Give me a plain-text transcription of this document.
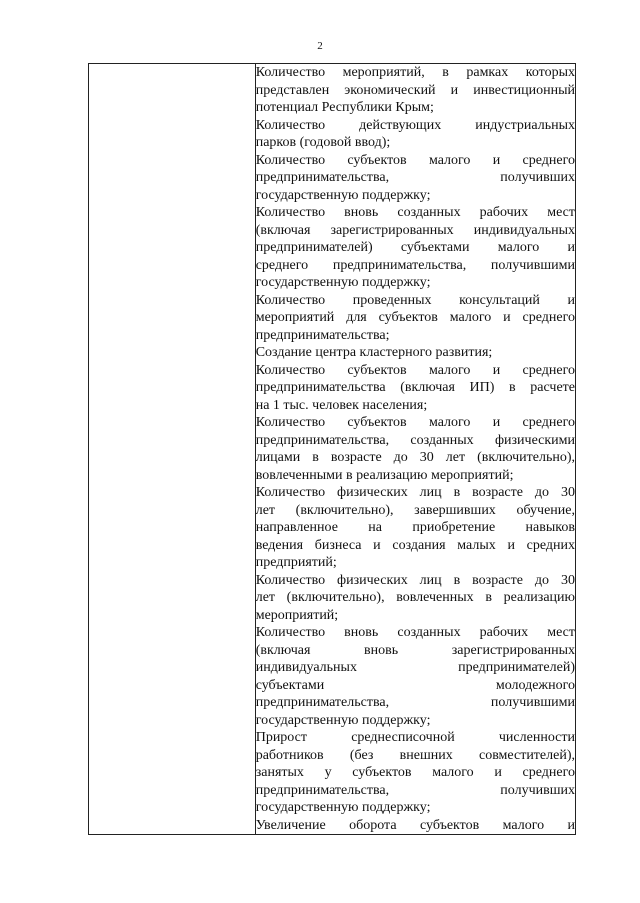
2

Количество мероприятий, в рамках которых
представлен экономический и инвестиционный
потенциал Республики Крым;
Количество действующих индустриальных
парков (годовой ввод);
Количество субъектов малого и среднего
предпринимательства, получивших
государственную поддержку;
Количество вновь созданных рабочих мест
(включая зарегистрированных индивидуальных
предпринимателей) субъектами малого и
среднего предпринимательства, получившими
государственную поддержку;
Количество проведенных консультаций и
мероприятий для субъектов малого и среднего
предпринимательства;
Создание центра кластерного развития;
Количество субъектов малого и среднего
предпринимательства (включая ИП) в расчете
на 1 тыс. человек населения;
Количество субъектов малого и среднего
предпринимательства, созданных физическими
лицами в возрасте до 30 лет (включительно),
вовлеченными в реализацию мероприятий;
Количество физических лиц в возрасте до 30
лет (включительно), завершивших обучение,
направленное на приобретение навыков
ведения бизнеса и создания малых и средних
предприятий;
Количество физических лиц в возрасте до 30
лет (включительно), вовлеченных в реализацию
мероприятий;
Количество вновь созданных рабочих мест
(включая вновь зарегистрированных
индивидуальных предпринимателей)
субъектами молодежного
предпринимательства, получившими
государственную поддержку;
Прирост среднесписочной численности
работников (без внешних совместителей),
занятых у субъектов малого и среднего
предпринимательства, получивших
государственную поддержку;
Увеличение оборота субъектов малого и
